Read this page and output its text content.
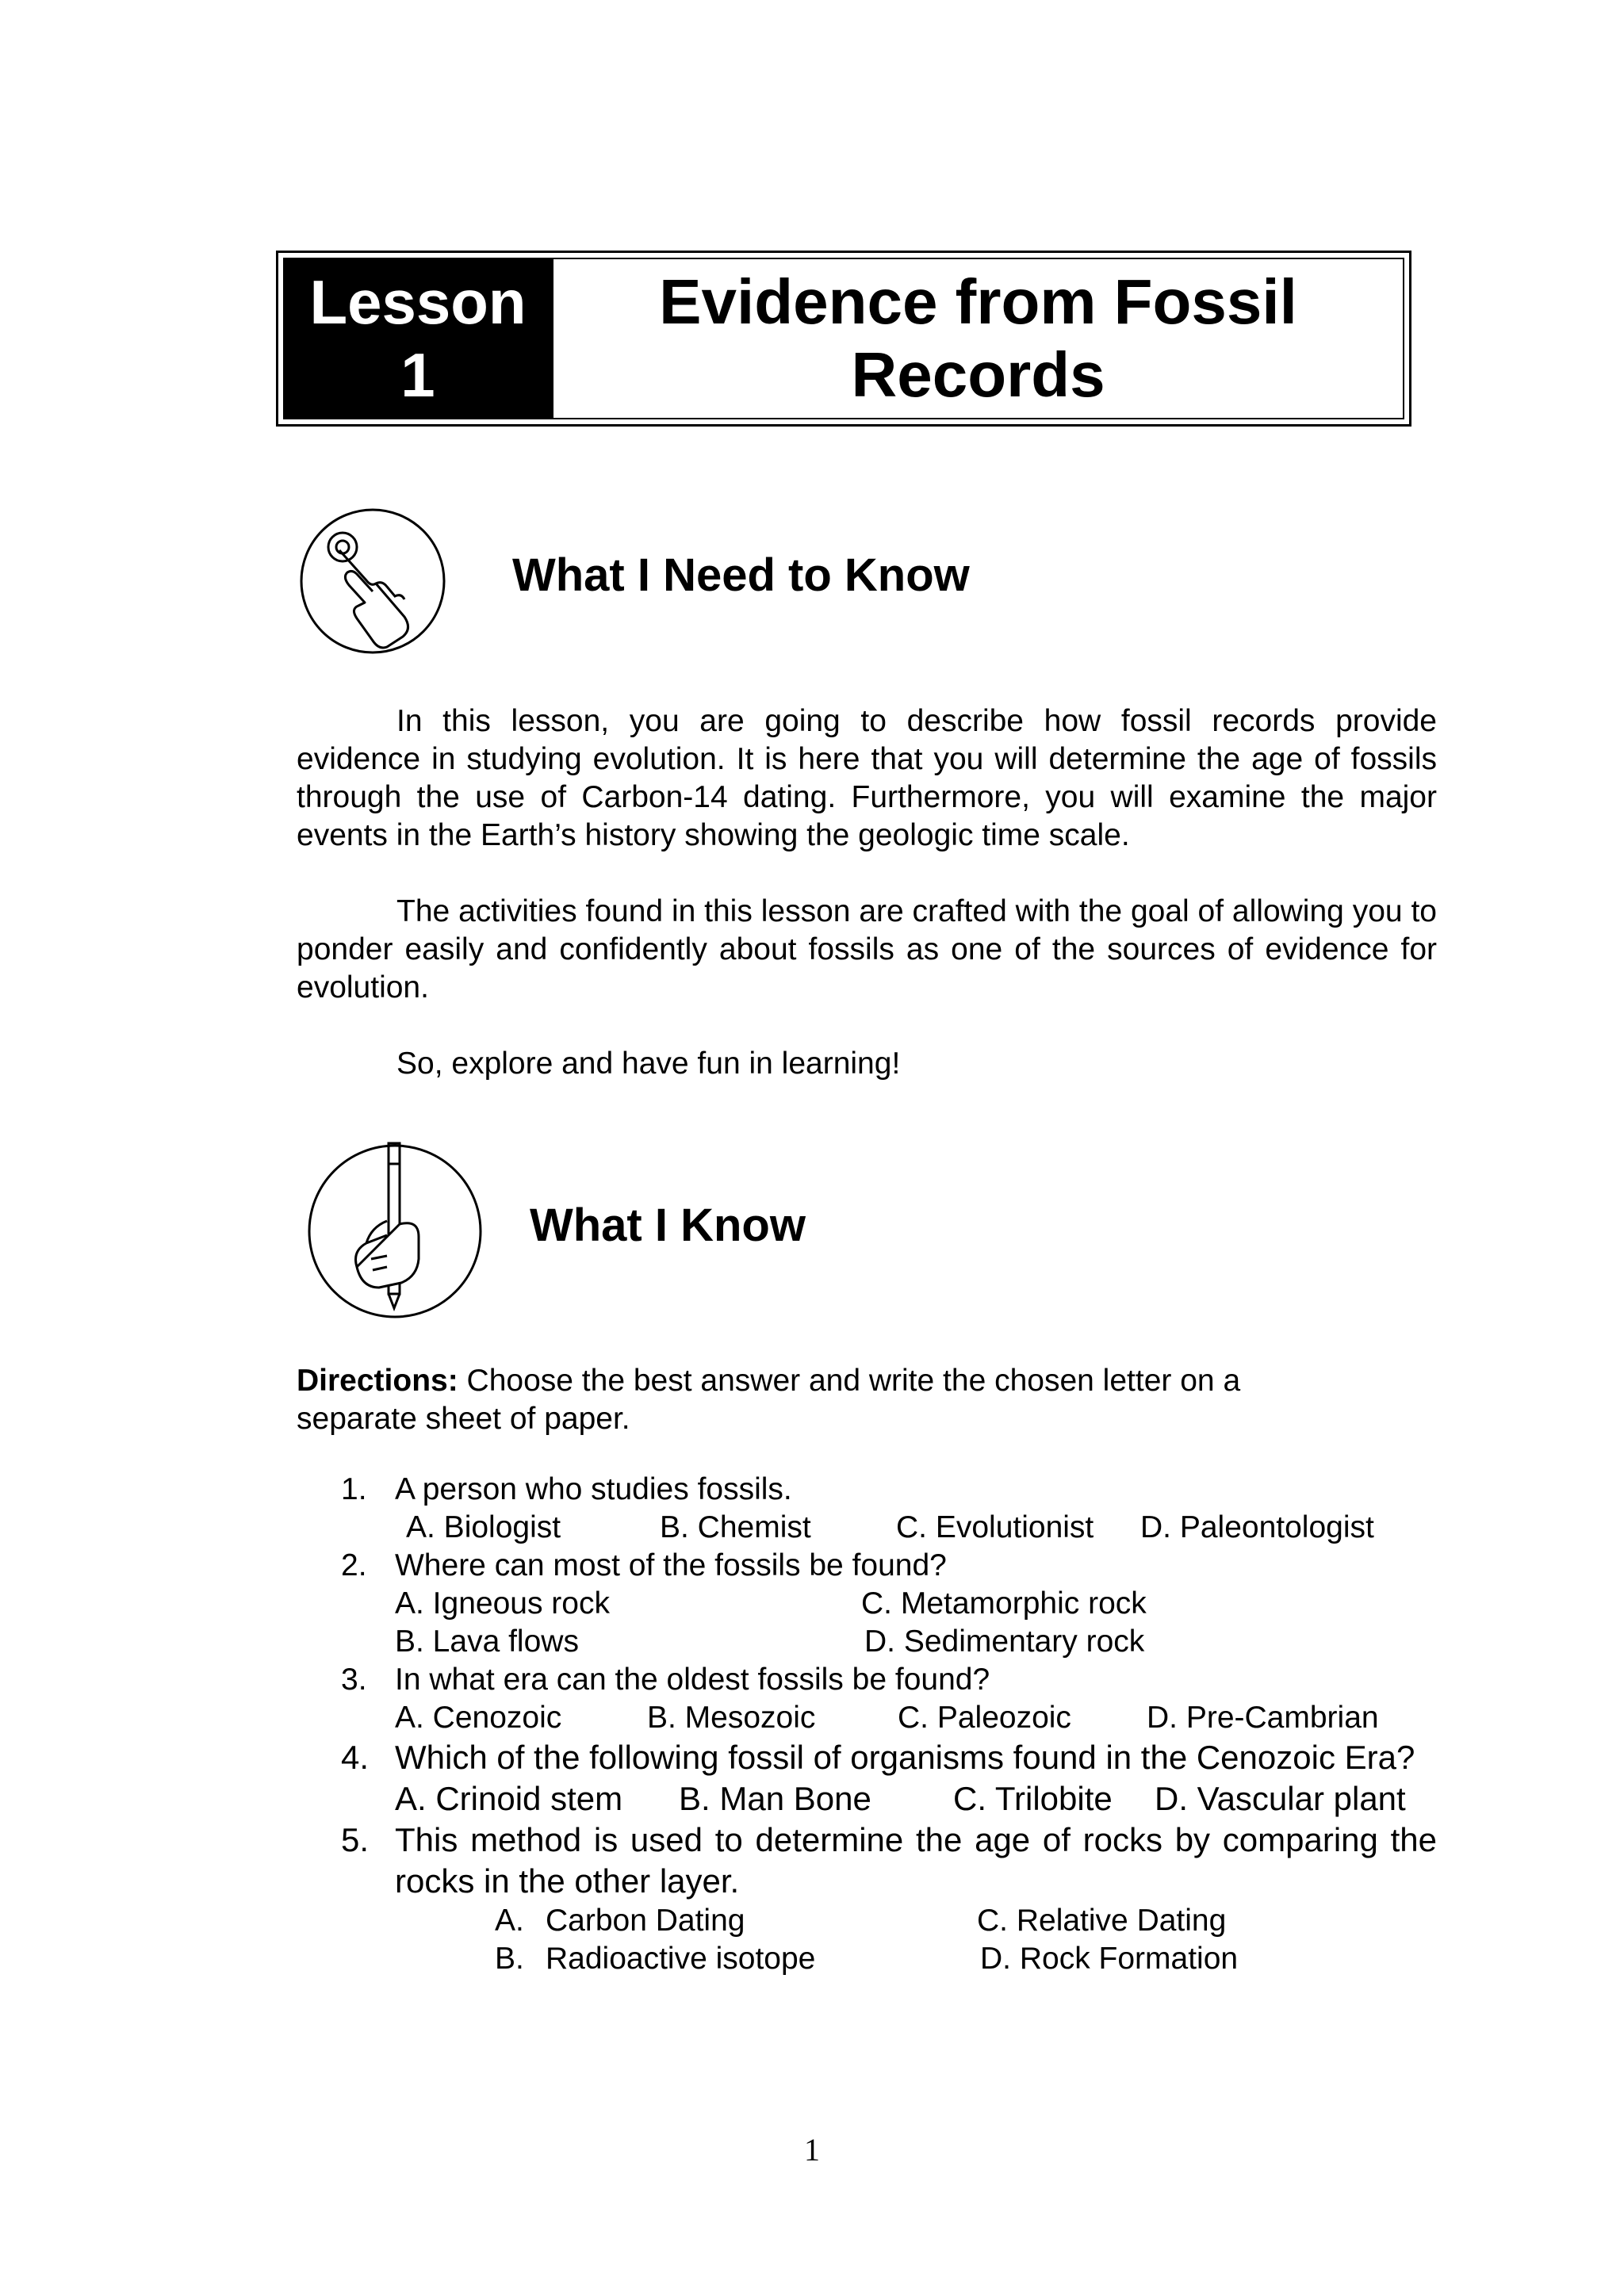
Lesson
1
Evidence from Fossil
Records
What I Need to Know

In this lesson, you are going to describe how fossil records provide evidence in studying evolution. It is here that you will determine the age of fossils through the use of Carbon-14 dating. Furthermore, you will examine the major events in the Earth’s history showing the geologic time scale.

The activities found in this lesson are crafted with the goal of allowing you to ponder easily and confidently about fossils as one of the sources of evidence for evolution.

So, explore and have fun in learning!

What I Know
Directions: Choose the best answer and write the chosen letter on a separate sheet of paper.
1. A person who studies fossils.
A. Biologist	B. Chemist	C. Evolutionist D. Paleontologist
2. Where can most of the fossils be found?
A. Igneous rock	C. Metamorphic rock
B. Lava flows	D. Sedimentary rock
3. In what era can the oldest fossils be found?
A. Cenozoic	B. Mesozoic	C. Paleozoic D. Pre-Cambrian
4. Which of the following fossil of organisms found in the Cenozoic Era?
A. Crinoid stem B. Man Bone C. Trilobite D. Vascular plant
5. This method is used to determine the age of rocks by comparing the rocks in the other layer.
A. Carbon Dating	C. Relative Dating
B. Radioactive isotope	D. Rock Formation
1
